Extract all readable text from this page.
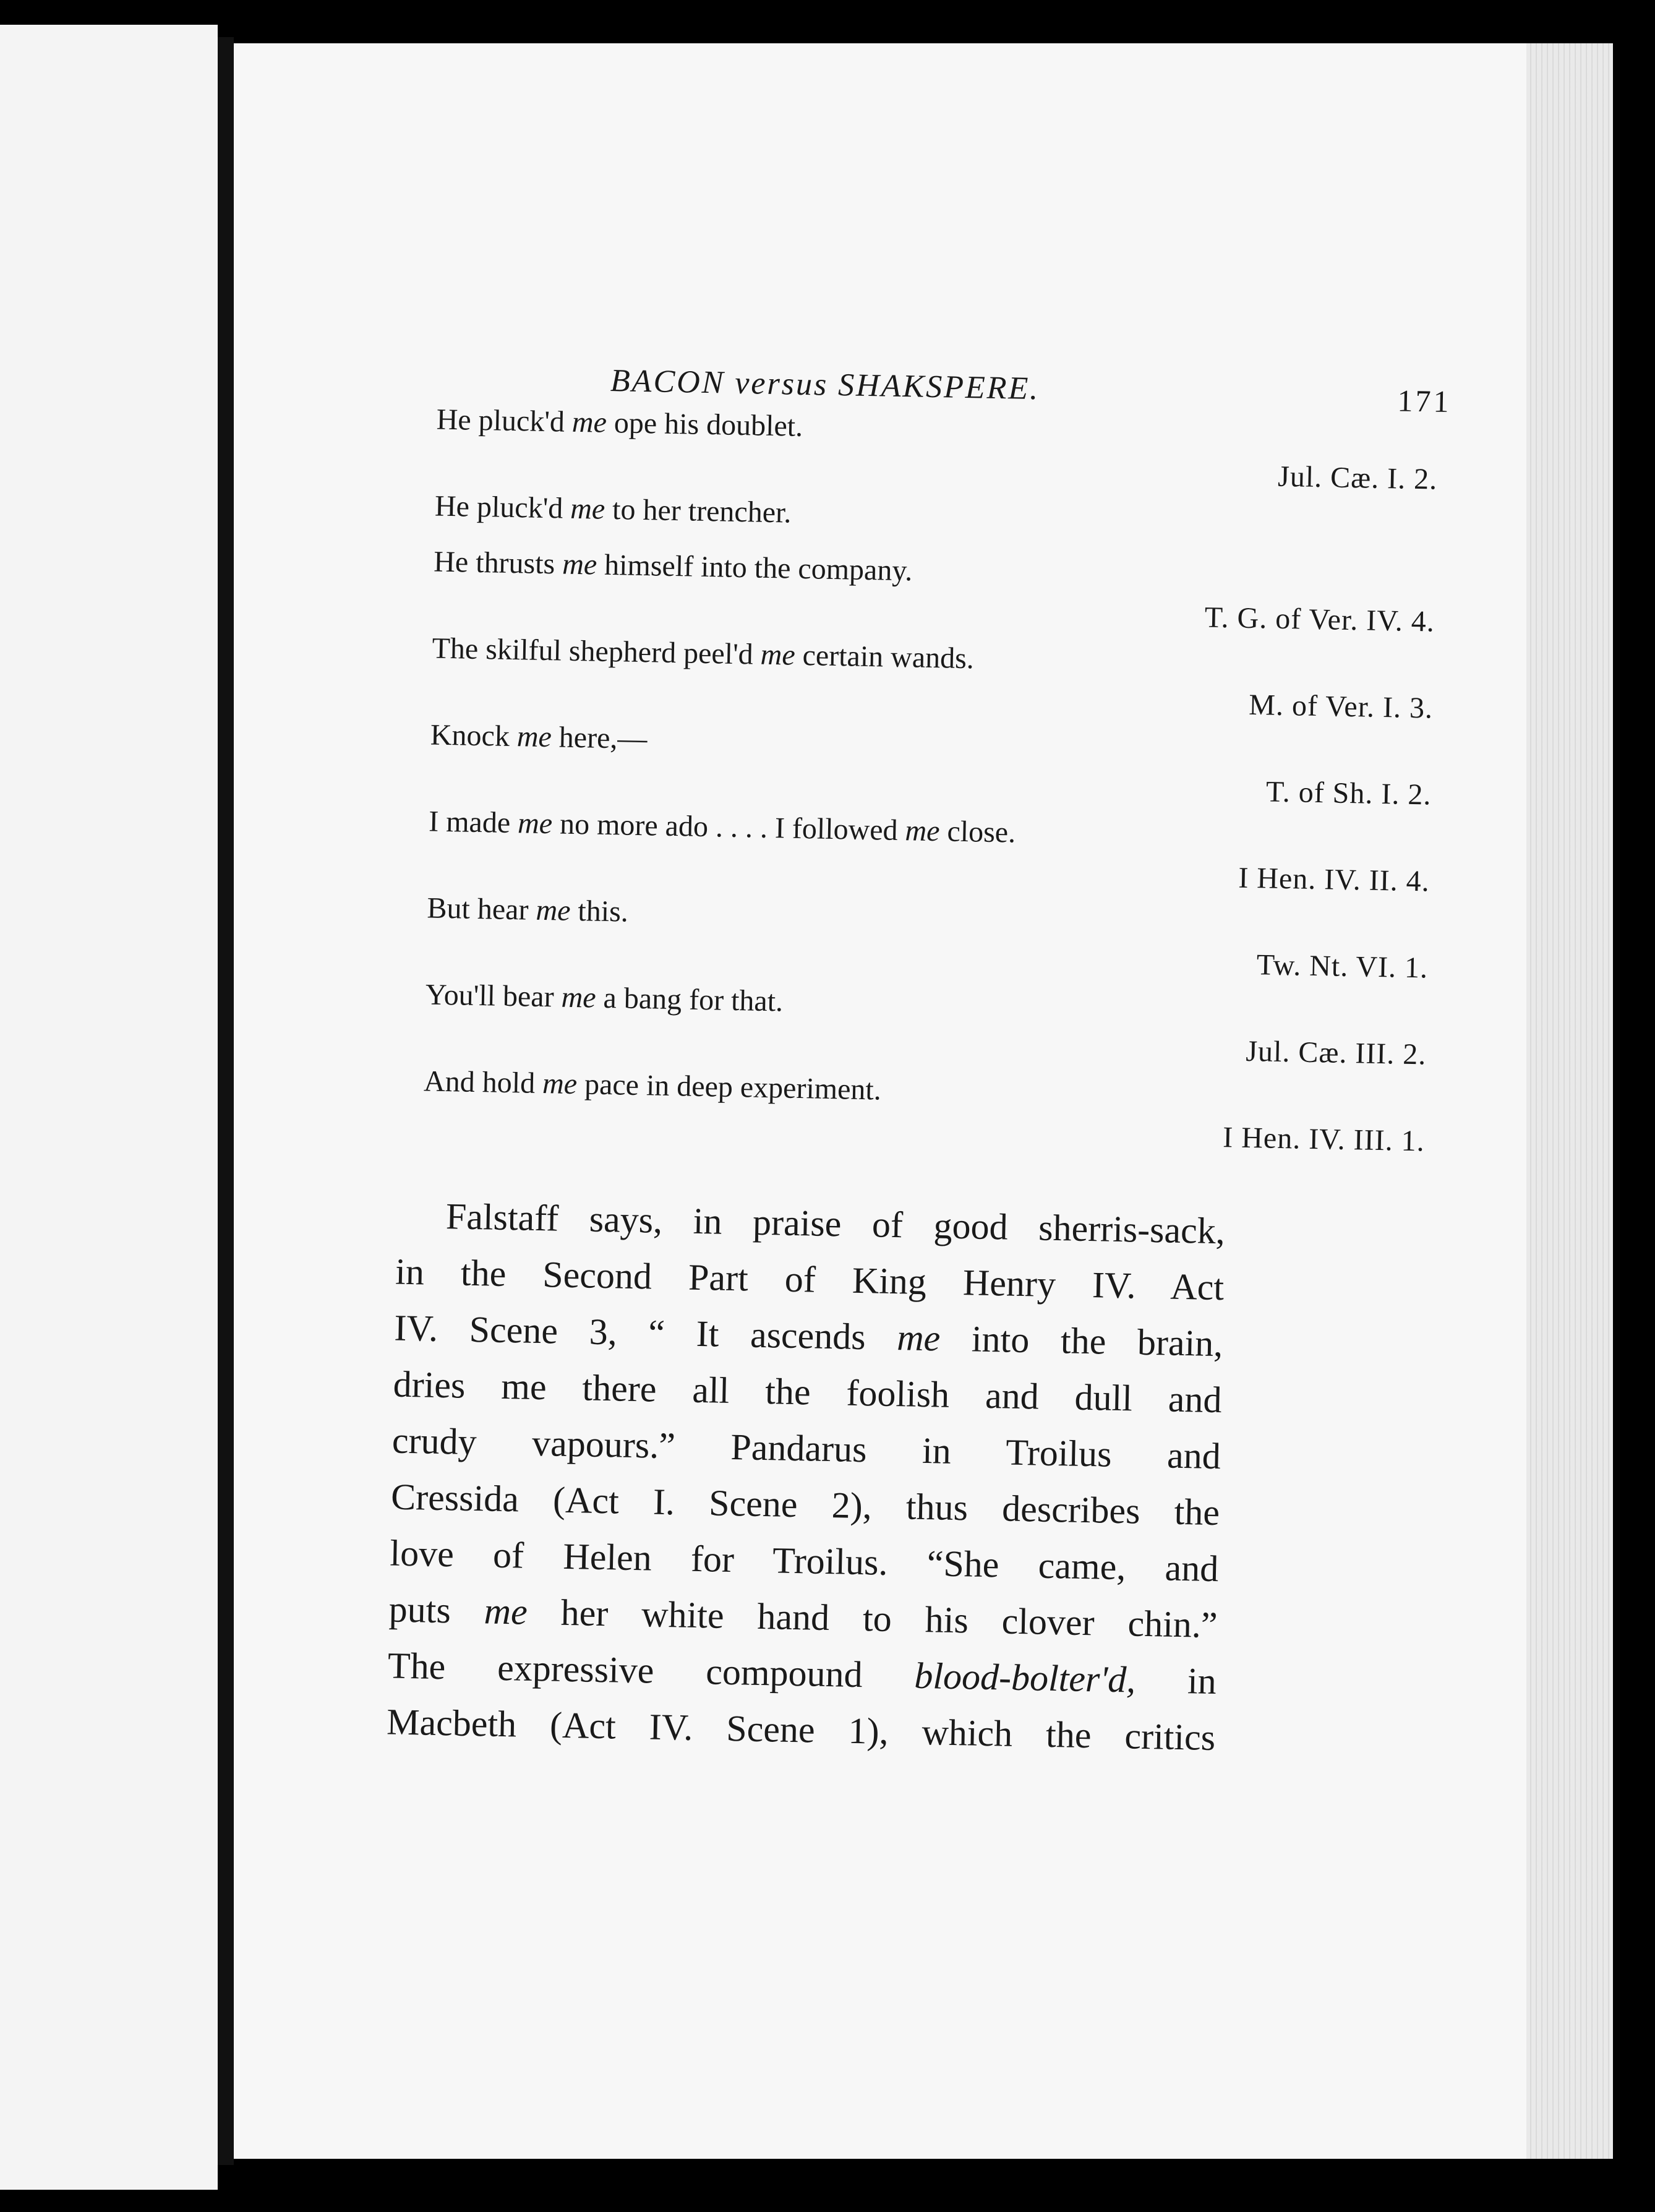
BACON versus SHAKSPERE.	171
He pluck'd me ope his doublet.
Jul. Cæ. I. 2.
He pluck'd me to her trencher.
He thrusts me himself into the company.
T. G. of Ver. IV. 4.
The skilful shepherd peel'd me certain wands.
M. of Ver. I. 3.
Knock me here,—
T. of Sh. I. 2.
I made me no more ado . . . . I followed me close.
I Hen. IV. II. 4.
But hear me this.
Tw. Nt. VI. 1.
You'll bear me a bang for that.
Jul. Cæ. III. 2.
And hold me pace in deep experiment.
I Hen. IV. III. 1.
Falstaff says, in praise of good sherris-sack,
in the Second Part of King Henry IV. Act
IV. Scene 3, “ It ascends me into the brain,
dries me there all the foolish and dull and
crudy vapours.” Pandarus in Troilus and
Cressida (Act I. Scene 2), thus describes the
love of Helen for Troilus. “She came, and
puts me her white hand to his clover chin.”
The expressive compound blood-bolter'd, in
Macbeth (Act IV. Scene 1), which the critics
